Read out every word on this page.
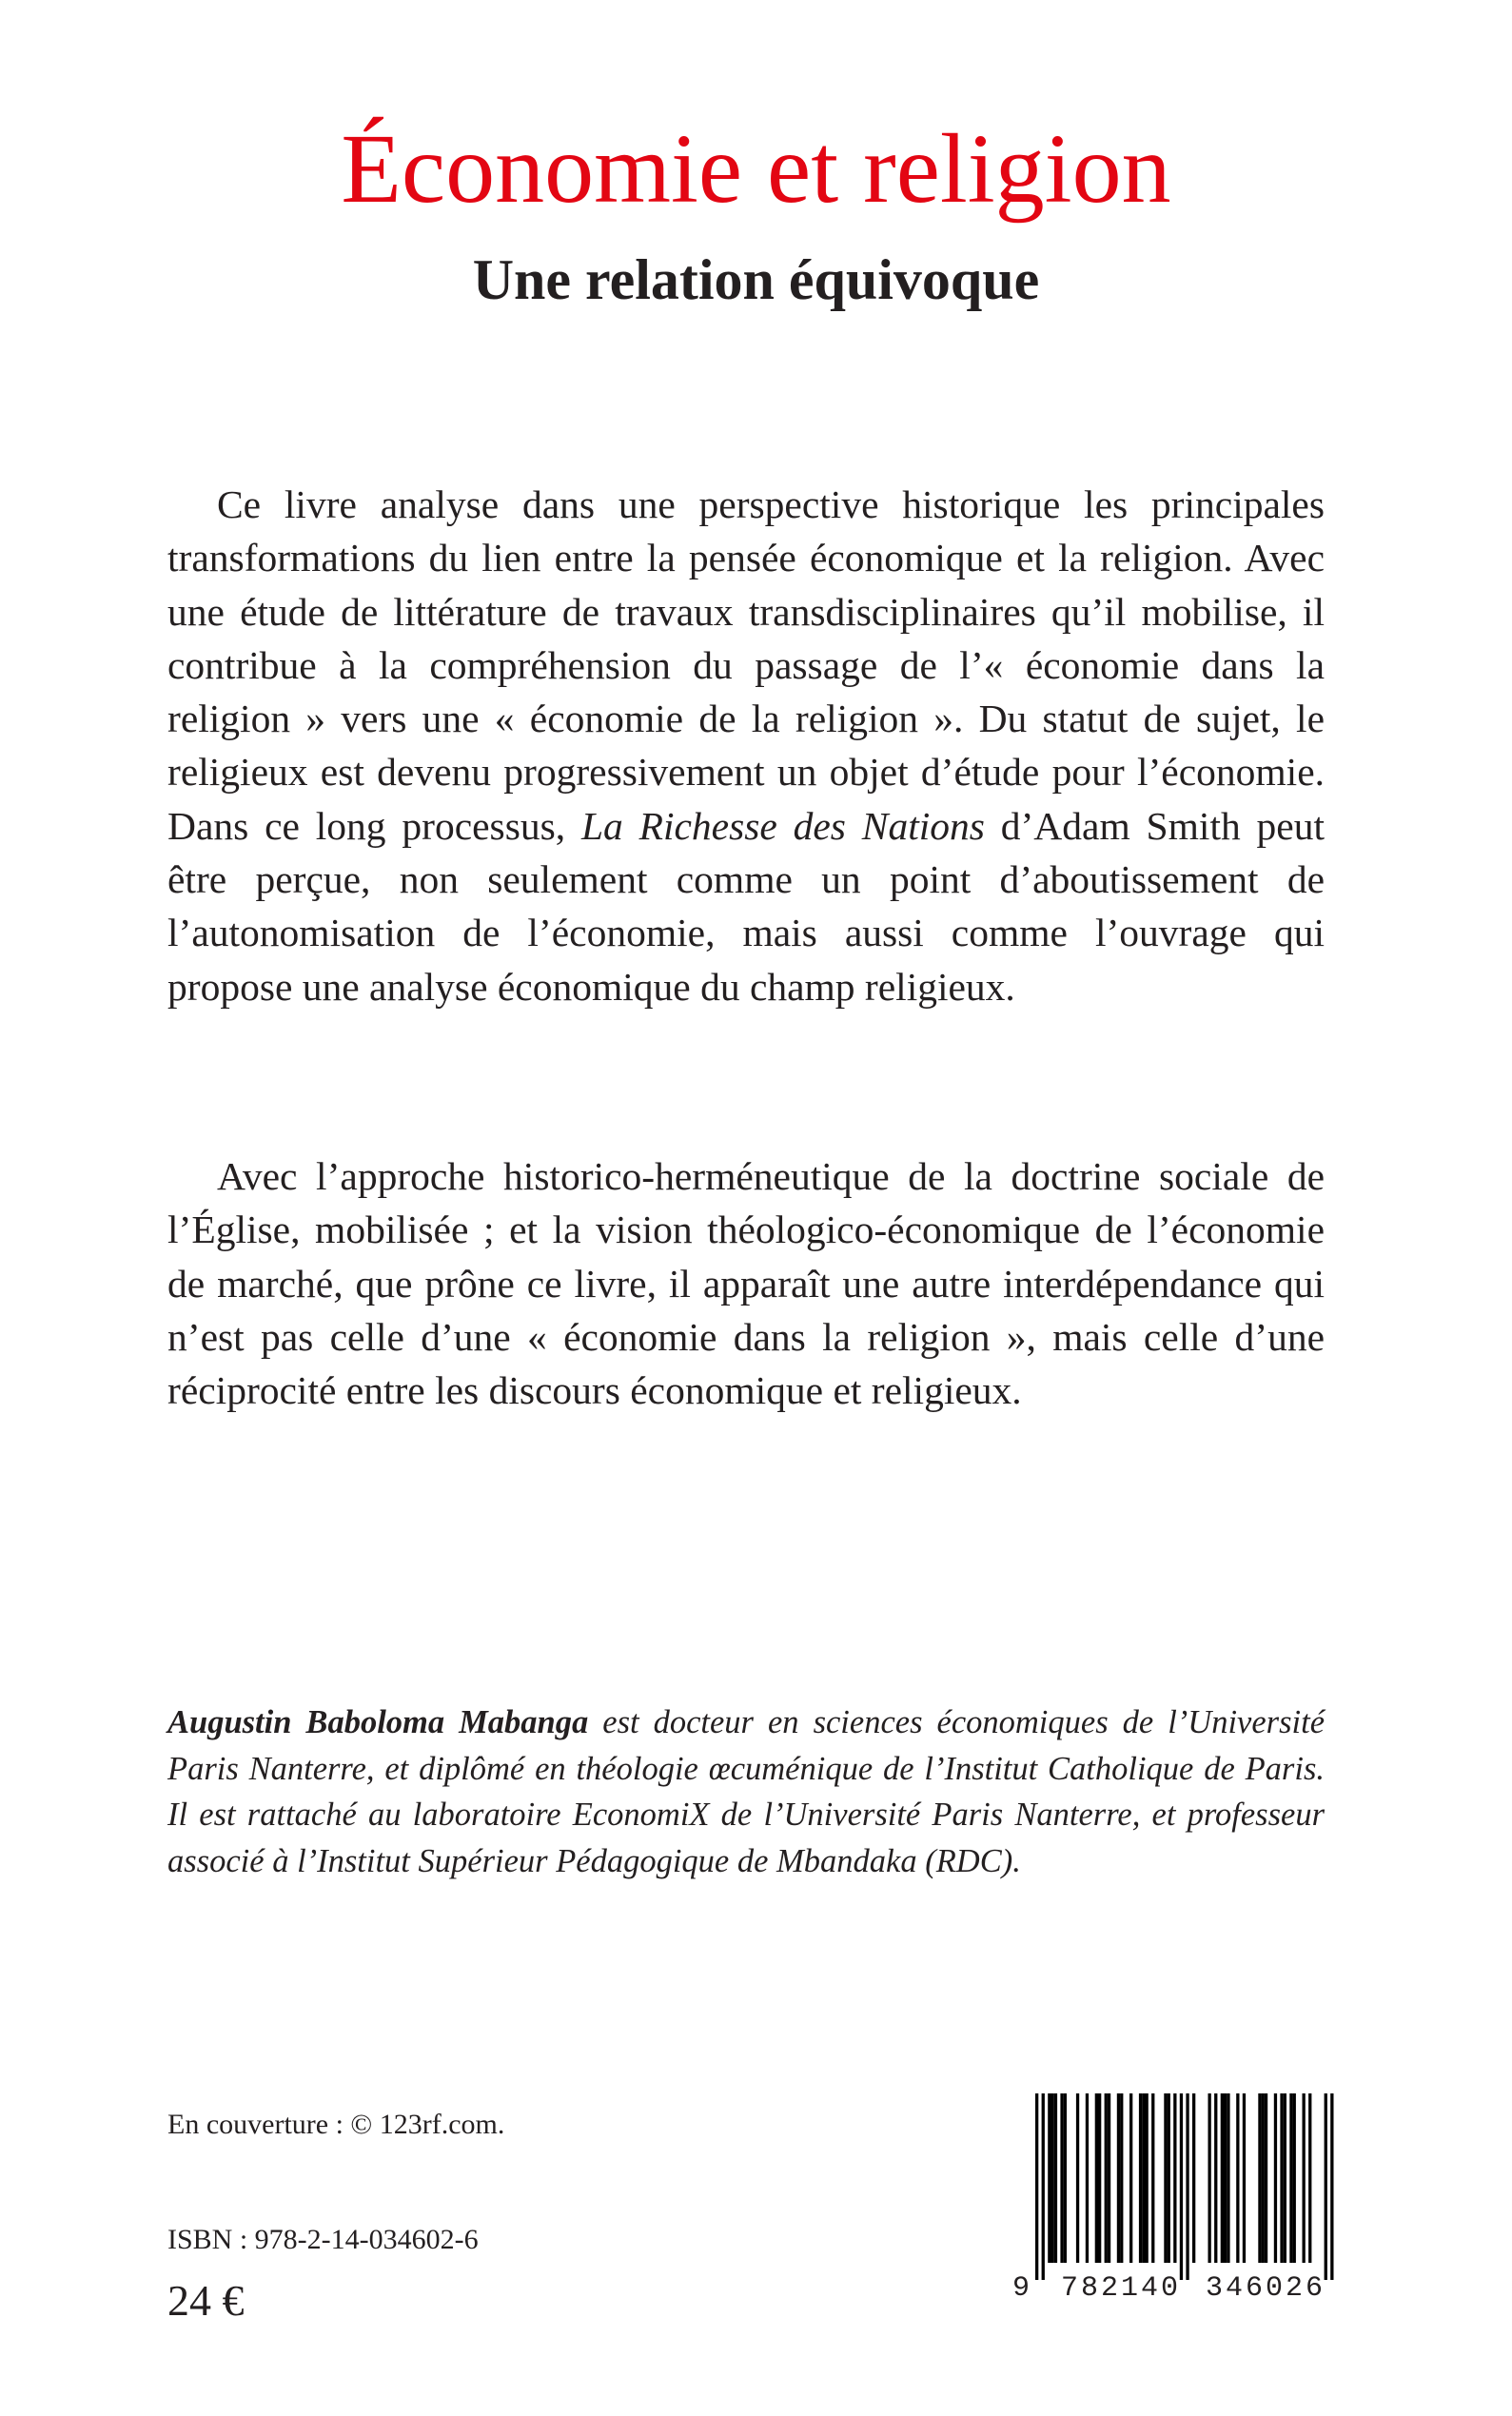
Économie et religion
Une relation équivoque

Ce livre analyse dans une perspective historique les principales transformations du lien entre la pensée économique et la religion. Avec une étude de littérature de travaux transdisciplinaires qu’il mobilise, il contribue à la compréhension du passage de l’« économie dans la religion » vers une « économie de la religion ». Du statut de sujet, le religieux est devenu progressivement un objet d’étude pour l’économie. Dans ce long processus, La Richesse des Nations d’Adam Smith peut être perçue, non seulement comme un point d’aboutissement de l’autonomisation de l’économie, mais aussi comme l’ouvrage qui propose une analyse économique du champ religieux.

Avec l’approche historico-herméneutique de la doctrine sociale de l’Église, mobilisée ; et la vision théologico-économique de l’économie de marché, que prône ce livre, il apparaît une autre interdépendance qui n’est pas celle d’une « économie dans la religion », mais celle d’une réciprocité entre les discours économique et religieux.

Augustin Baboloma Mabanga est docteur en sciences économiques de l’Université Paris Nanterre, et diplômé en théologie œcuménique de l’Institut Catholique de Paris. Il est rattaché au laboratoire EconomiX de l’Université Paris Nanterre, et professeur associé à l’Institut Supérieur Pédagogique de Mbandaka (RDC).

En couverture : © 123rf.com.

ISBN : 978-2-14-034602-6

24 €	9 782140 346026
